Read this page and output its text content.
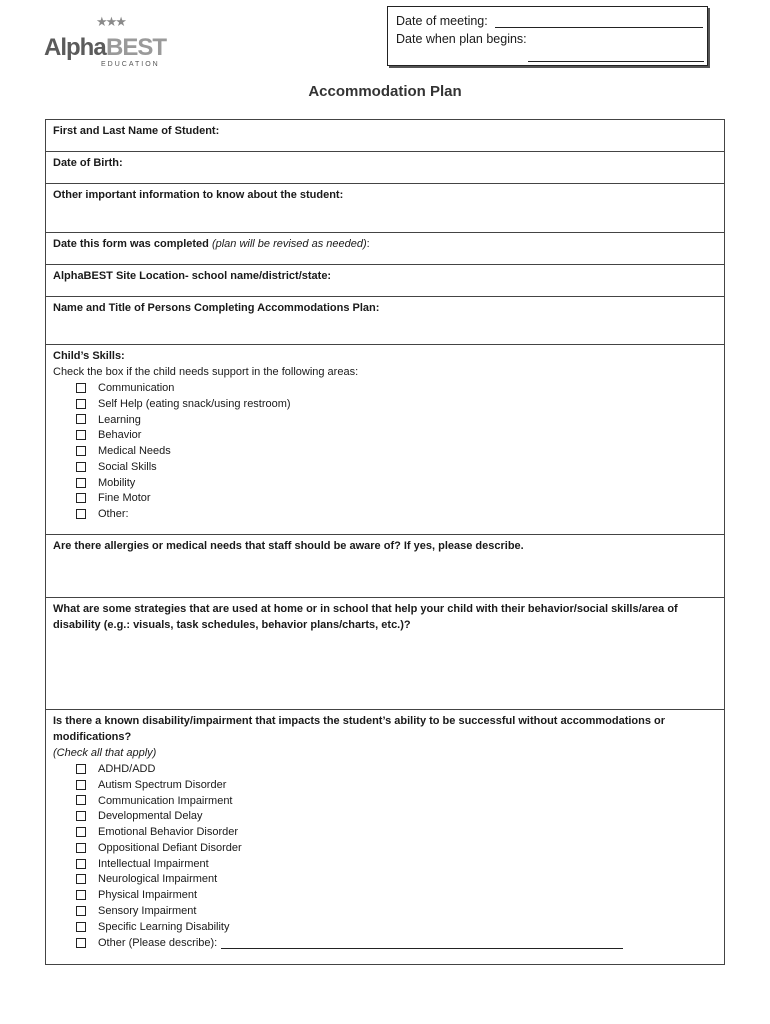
★★★
Alpha BEST
EDUCATION
Date of meeting:
Date when plan begins:
Accommodation Plan
First and Last Name of Student:
Date of Birth:
Other important information to know about the student:
Date this form was completed (plan will be revised as needed):
AlphaBEST Site Location- school name/district/state:
Name and Title of Persons Completing Accommodations Plan:
Child’s Skills:
Check the box if the child needs support in the following areas:
Communication
Self Help (eating snack/using restroom)
Learning
Behavior
Medical Needs
Social Skills
Mobility
Fine Motor
Other:
Are there allergies or medical needs that staff should be aware of? If yes, please describe.
What are some strategies that are used at home or in school that help your child with their behavior/social skills/area of disability (e.g.: visuals, task schedules, behavior plans/charts, etc.)?
Is there a known disability/impairment that impacts the student’s ability to be successful without accommodations or modifications?
(Check all that apply)
ADHD/ADD
Autism Spectrum Disorder
Communication Impairment
Developmental Delay
Emotional Behavior Disorder
Oppositional Defiant Disorder
Intellectual Impairment
Neurological Impairment
Physical Impairment
Sensory Impairment
Specific Learning Disability
Other
(Please describe):
